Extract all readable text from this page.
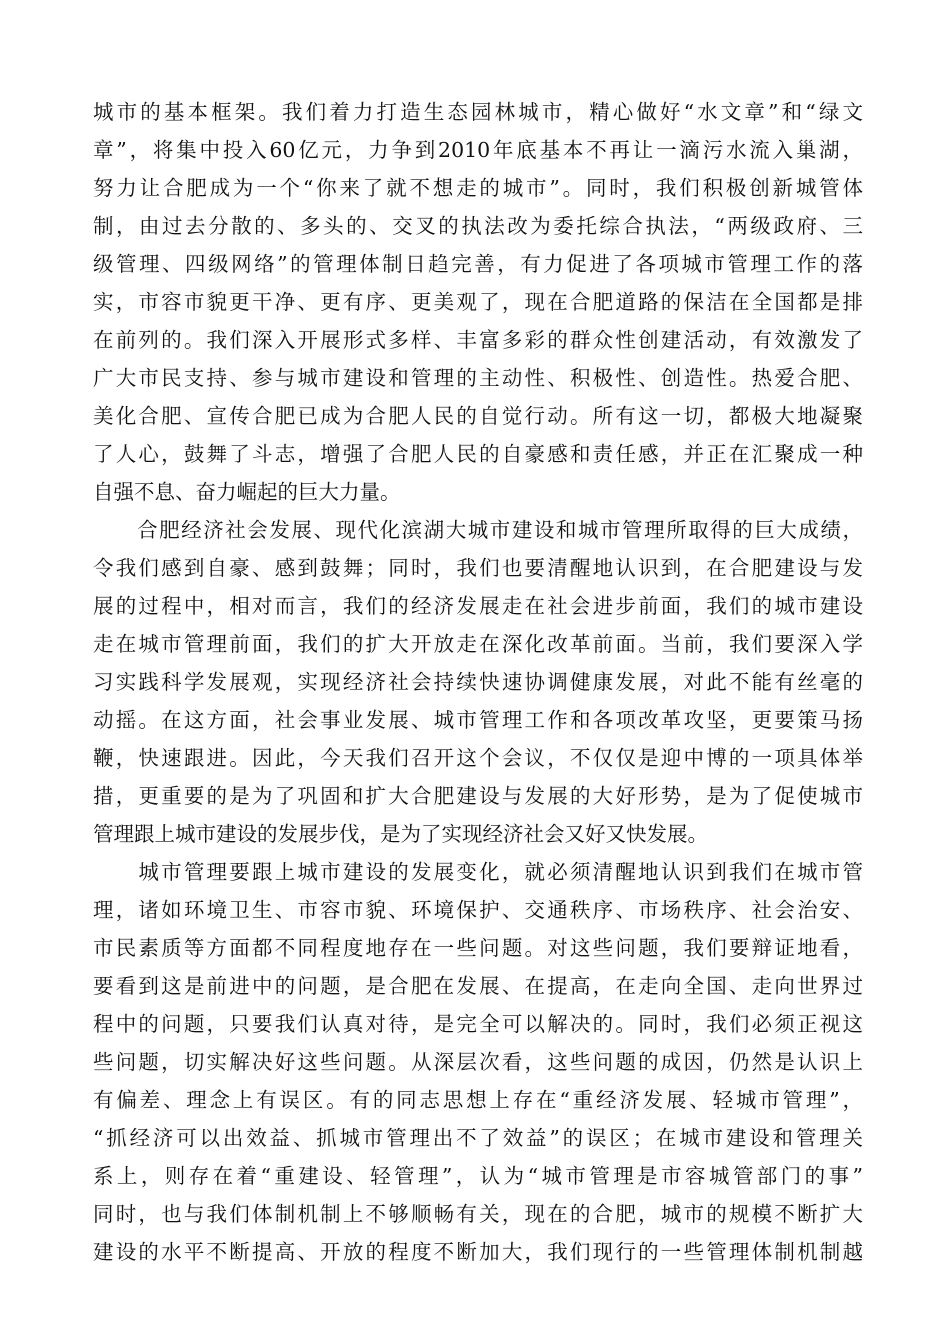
城市的基本框架。我们着力打造生态园林城市，精心做好“水文章”和“绿文
章”，将集中投入60亿元，力争到2010年底基本不再让一滴污水流入巢湖，
努力让合肥成为一个“你来了就不想走的城市”。同时，我们积极创新城管体
制，由过去分散的、多头的、交叉的执法改为委托综合执法，“两级政府、三
级管理、四级网络”的管理体制日趋完善，有力促进了各项城市管理工作的落
实，市容市貌更干净、更有序、更美观了，现在合肥道路的保洁在全国都是排
在前列的。我们深入开展形式多样、丰富多彩的群众性创建活动，有效激发了
广大市民支持、参与城市建设和管理的主动性、积极性、创造性。热爱合肥、
美化合肥、宣传合肥已成为合肥人民的自觉行动。所有这一切，都极大地凝聚
了人心，鼓舞了斗志，增强了合肥人民的自豪感和责任感，并正在汇聚成一种
自强不息、奋力崛起的巨大力量。
　　合肥经济社会发展、现代化滨湖大城市建设和城市管理所取得的巨大成绩，
令我们感到自豪、感到鼓舞；同时，我们也要清醒地认识到，在合肥建设与发
展的过程中，相对而言，我们的经济发展走在社会进步前面，我们的城市建设
走在城市管理前面，我们的扩大开放走在深化改革前面。当前，我们要深入学
习实践科学发展观，实现经济社会持续快速协调健康发展，对此不能有丝毫的
动摇。在这方面，社会事业发展、城市管理工作和各项改革攻坚，更要策马扬
鞭，快速跟进。因此，今天我们召开这个会议，不仅仅是迎中博的一项具体举
措，更重要的是为了巩固和扩大合肥建设与发展的大好形势，是为了促使城市
管理跟上城市建设的发展步伐，是为了实现经济社会又好又快发展。
　　城市管理要跟上城市建设的发展变化，就必须清醒地认识到我们在城市管
理，诸如环境卫生、市容市貌、环境保护、交通秩序、市场秩序、社会治安、
市民素质等方面都不同程度地存在一些问题。对这些问题，我们要辩证地看，
要看到这是前进中的问题，是合肥在发展、在提高，在走向全国、走向世界过
程中的问题，只要我们认真对待，是完全可以解决的。同时，我们必须正视这
些问题，切实解决好这些问题。从深层次看，这些问题的成因，仍然是认识上
有偏差、理念上有误区。有的同志思想上存在“重经济发展、轻城市管理”，
“抓经济可以出效益、抓城市管理出不了效益”的误区；在城市建设和管理关
系上，则存在着“重建设、轻管理”，认为“城市管理是市容城管部门的事”
同时，也与我们体制机制上不够顺畅有关，现在的合肥，城市的规模不断扩大
建设的水平不断提高、开放的程度不断加大，我们现行的一些管理体制机制越
